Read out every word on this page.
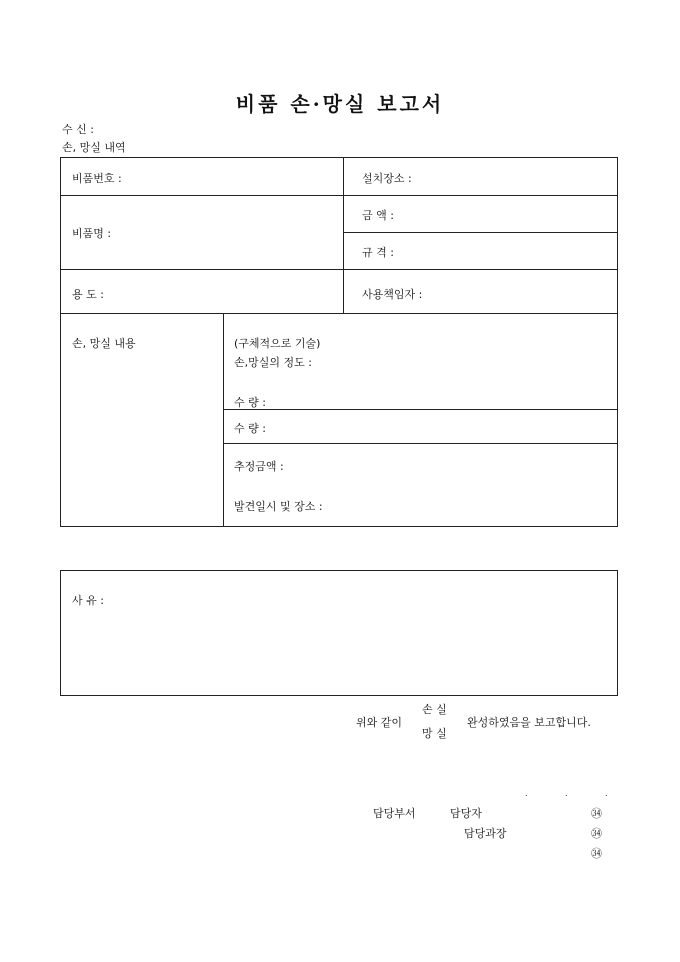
비품 손·망실 보고서
수 신 :
손, 망실 내역
비품번호 :	설치장소 :
비품명 :
금 액 :
규 격 :
용 도 :	사용책임자 :
손, 망실 내용	(구체적으로 기술)
손,망실의 정도 :
수 량 :
수 량 :
추정금액 :
발견일시 및 장소 :
사 유 :
위와 같이
손 실
망 실
완성하였음을 보고합니다.
.	.	.
담당부서	담당자	㉞
담당과장	㉞
㉞
